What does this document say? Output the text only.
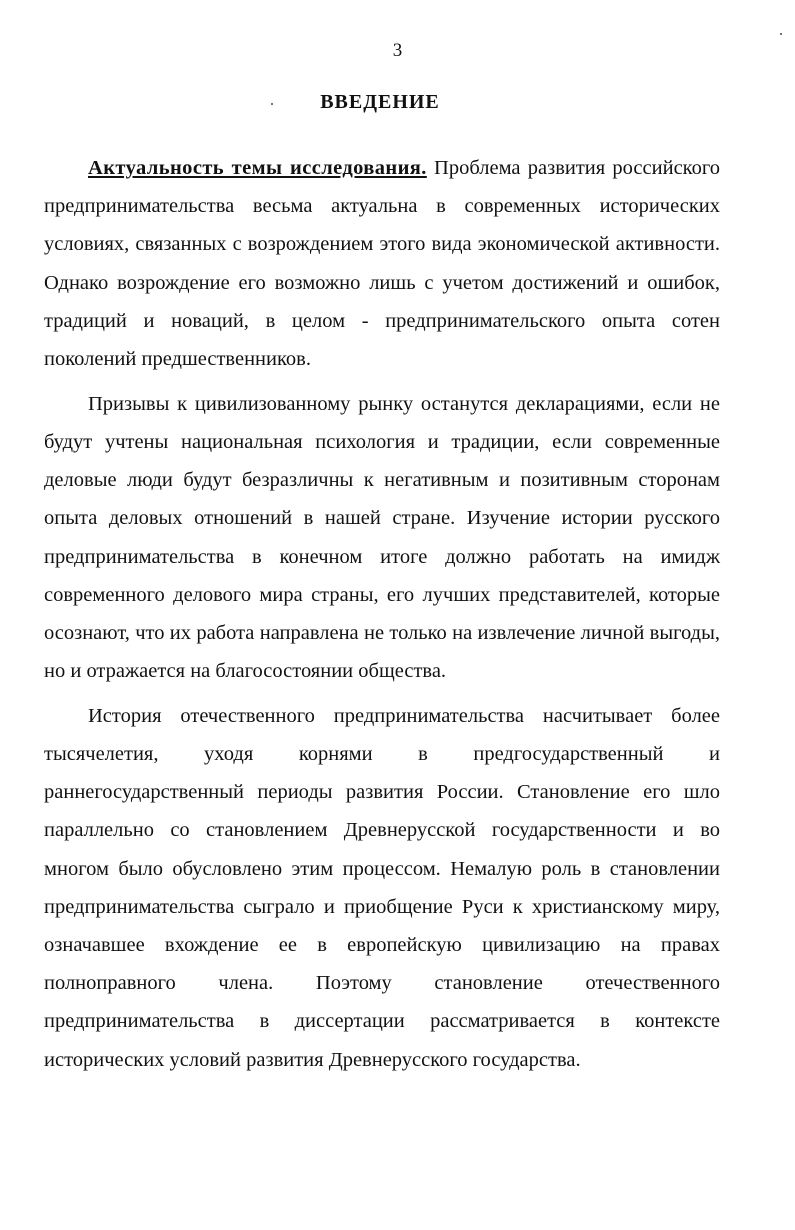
3
ВВЕДЕНИЕ

Актуальность темы исследования. Проблема развития российского предпринимательства весьма актуальна в современных исторических условиях, связанных с возрождением этого вида экономической активности. Однако возрождение его возможно лишь с учетом достижений и ошибок, традиций и новаций, в целом - предпринимательского опыта сотен поколений предшественников.

Призывы к цивилизованному рынку останутся декларациями, если не будут учтены национальная психология и традиции, если современные деловые люди будут безразличны к негативным и позитивным сторонам опыта деловых отношений в нашей стране. Изучение истории русского предпринимательства в конечном итоге должно работать на имидж современного делового мира страны, его лучших представителей, которые осознают, что их работа направлена не только на извлечение личной выгоды, но и отражается на благосостоянии общества.

История отечественного предпринимательства насчитывает более тысячелетия, уходя корнями в предгосударственный и раннегосударственный периоды развития России. Становление его шло параллельно со становлением Древнерусской государственности и во многом было обусловлено этим процессом. Немалую роль в становлении предпринимательства сыграло и приобщение Руси к христианскому миру, означавшее вхождение ее в европейскую цивилизацию на правах полноправного члена. Поэтому становление отечественного предпринимательства в диссертации рассматривается в контексте исторических условий развития Древнерусского государства.
